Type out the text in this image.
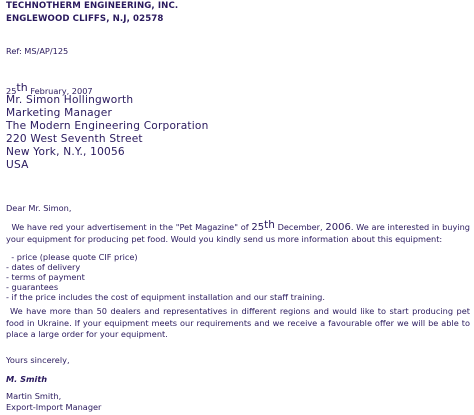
TECHNOTHERM ENGINEERING, INC.
ENGLEWOOD CLIFFS, N.J, 02578
Ref: MS/AP/125
25th February, 2007
Mr. Simon Hollingworth
Marketing Manager
The Modern Engineering Corporation
220 West Seventh Street
New York, N.Y., 10056
USA
Dear Mr. Simon,
We have red your advertisement in the "Pet Magazine" of 25th December, 2006. We are interested in buying your equipment for producing pet food. Would you kindly send us more information about this equipment:
- price (please quote CIF price)
- dates of delivery
- terms of payment
- guarantees
- if the price includes the cost of equipment installation and our staff training.
We have more than 50 dealers and representatives in different regions and would like to start producing pet food in Ukraine. If your equipment meets our requirements and we receive a favourable offer we will be able to place a large order for your equipment.
Yours sincerely,
M. Smith
Martin Smith,
Export-Import Manager
